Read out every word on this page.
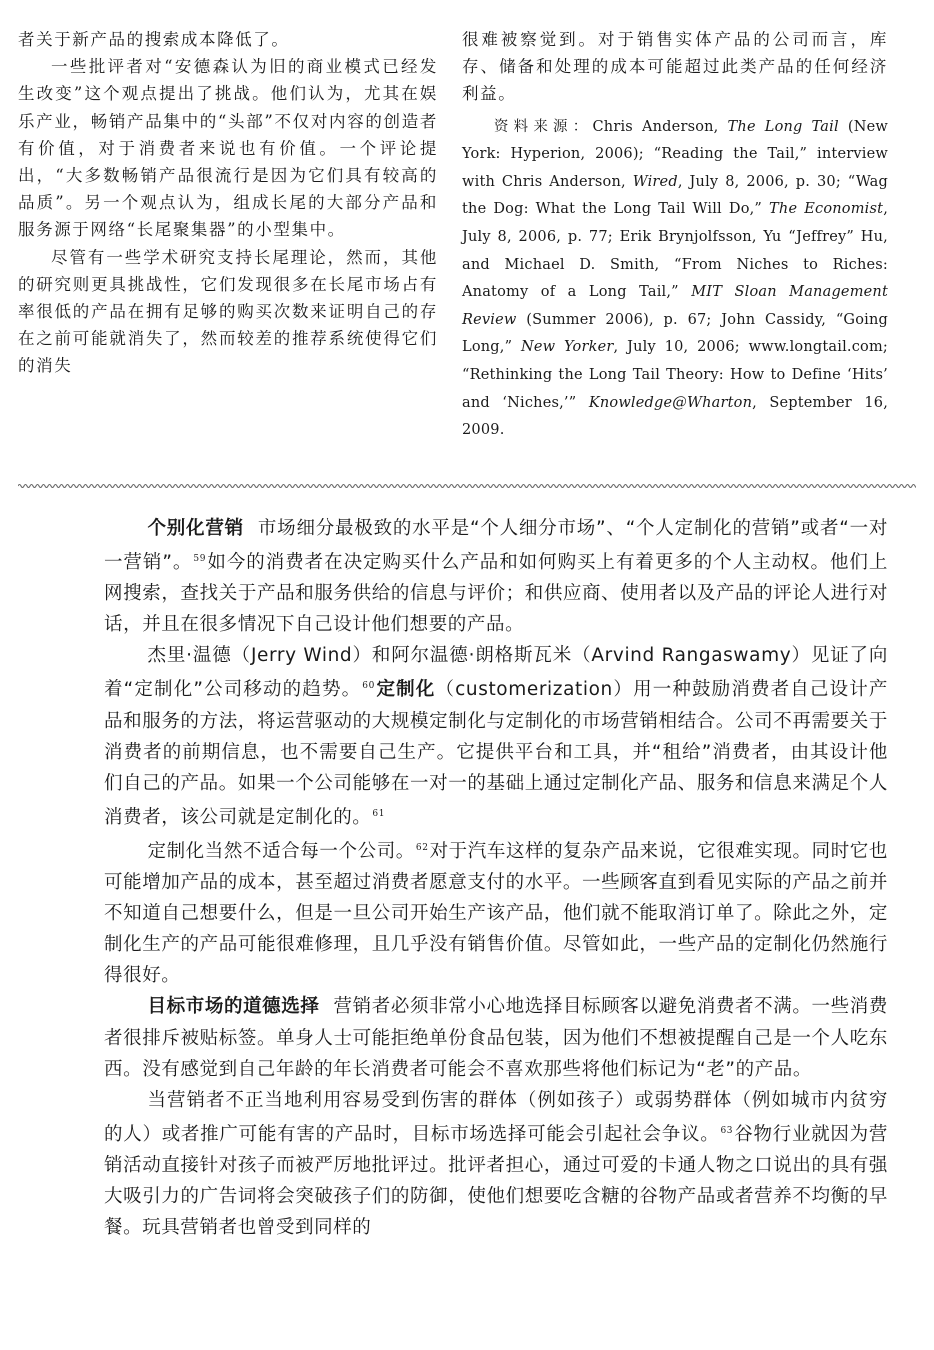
者关于新产品的搜索成本降低了。

一些批评者对“安德森认为旧的商业模式已经发生改变”这个观点提出了挑战。他们认为，尤其在娱乐产业，畅销产品集中的“头部”不仅对内容的创造者有价值，对于消费者来说也有价值。一个评论提出，“大多数畅销产品很流行是因为它们具有较高的品质”。另一个观点认为，组成长尾的大部分产品和服务源于网络“长尾聚集器”的小型集中。

尽管有一些学术研究支持长尾理论，然而，其他的研究则更具挑战性，它们发现很多在长尾市场占有率很低的产品在拥有足够的购买次数来证明自己的存在之前可能就消失了，然而较差的推荐系统使得它们的消失

很难被察觉到。对于销售实体产品的公司而言，库存、储备和处理的成本可能超过此类产品的任何经济利益。

资料来源：Chris Anderson, The Long Tail (New York: Hyperion, 2006); “Reading the Tail,” interview with Chris Anderson, Wired, July 8, 2006, p. 30; “Wag the Dog: What the Long Tail Will Do,” The Economist, July 8, 2006, p. 77; Erik Brynjolfsson, Yu “Jeffrey” Hu, and Michael D. Smith, “From Niches to Riches: Anatomy of a Long Tail,” MIT Sloan Management Review (Summer 2006), p. 67; John Cassidy, “Going Long,” New Yorker, July 10, 2006; www.longtail.com; “Rethinking the Long Tail Theory: How to Define ‘Hits’ and ‘Niches,’” Knowledge@Wharton, September 16, 2009.

个别化营销 市场细分最极致的水平是“个人细分市场”、“个人定制化的营销”或者“一对一营销”。$^{59}$如今的消费者在决定购买什么产品和如何购买上有着更多的个人主动权。他们上网搜索，查找关于产品和服务供给的信息与评价；和供应商、使用者以及产品的评论人进行对话，并且在很多情况下自己设计他们想要的产品。

杰里·温德（Jerry Wind）和阿尔温德·朗格斯瓦米（Arvind Rangaswamy）见证了向着“定制化”公司移动的趋势。$^{60}$定制化（customerization）用一种鼓励消费者自己设计产品和服务的方法，将运营驱动的大规模定制化与定制化的市场营销相结合。公司不再需要关于消费者的前期信息，也不需要自己生产。它提供平台和工具，并“租给”消费者，由其设计他们自己的产品。如果一个公司能够在一对一的基础上通过定制化产品、服务和信息来满足个人消费者，该公司就是定制化的。$^{61}$

定制化当然不适合每一个公司。$^{62}$对于汽车这样的复杂产品来说，它很难实现。同时它也可能增加产品的成本，甚至超过消费者愿意支付的水平。一些顾客直到看见实际的产品之前并不知道自己想要什么，但是一旦公司开始生产该产品，他们就不能取消订单了。除此之外，定制化生产的产品可能很难修理，且几乎没有销售价值。尽管如此，一些产品的定制化仍然施行得很好。

目标市场的道德选择 营销者必须非常小心地选择目标顾客以避免消费者不满。一些消费者很排斥被贴标签。单身人士可能拒绝单份食品包装，因为他们不想被提醒自己是一个人吃东西。没有感觉到自己年龄的年长消费者可能会不喜欢那些将他们标记为“老”的产品。

当营销者不正当地利用容易受到伤害的群体（例如孩子）或弱势群体（例如城市内贫穷的人）或者推广可能有害的产品时，目标市场选择可能会引起社会争议。$^{63}$谷物行业就因为营销活动直接针对孩子而被严厉地批评过。批评者担心，通过可爱的卡通人物之口说出的具有强大吸引力的广告词将会突破孩子们的防御，使他们想要吃含糖的谷物产品或者营养不均衡的早餐。玩具营销者也曾受到同样的
